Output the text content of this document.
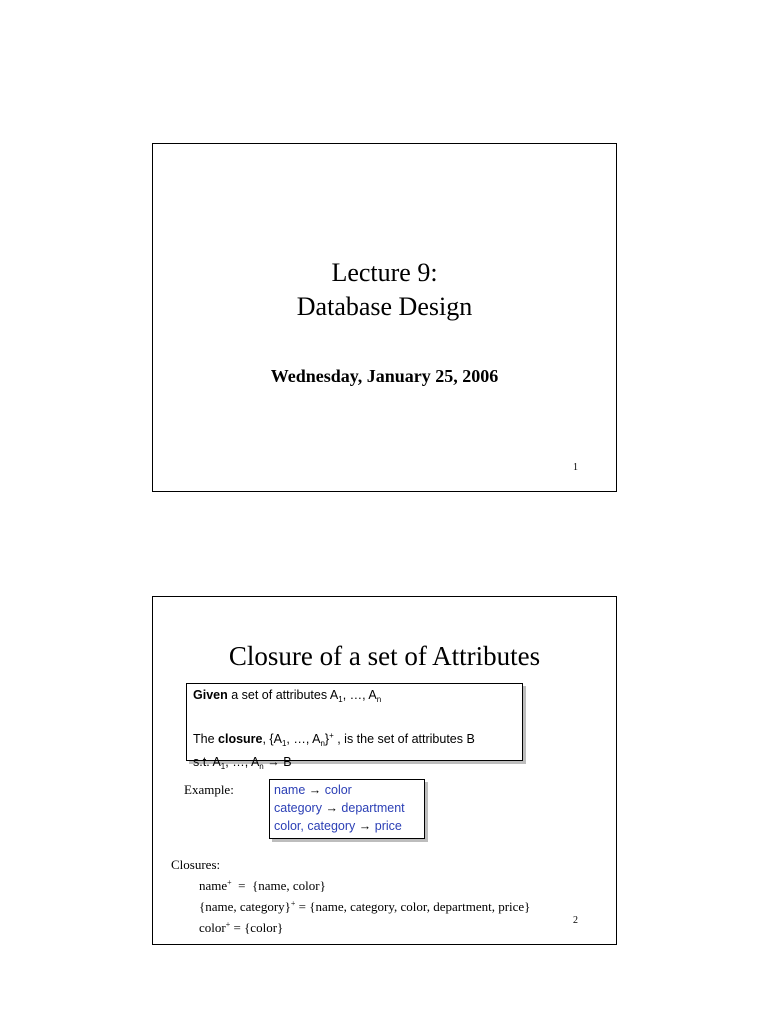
Lecture 9:
Database Design
Wednesday, January 25, 2006
1
Closure of a set of Attributes
Given a set of attributes $A_1$, …, $A_n$
The closure, {$A_1$, …, $A_n\}^+$ , is the set of attributes B
s.t. $A_1$, …, $A_n \to B$
Example:	name → color
category → department
color, category → price
Closures:
name+  =  {name, color}
{name, category}+ = {name, category, color, department, price}
color+ = {color}	2
